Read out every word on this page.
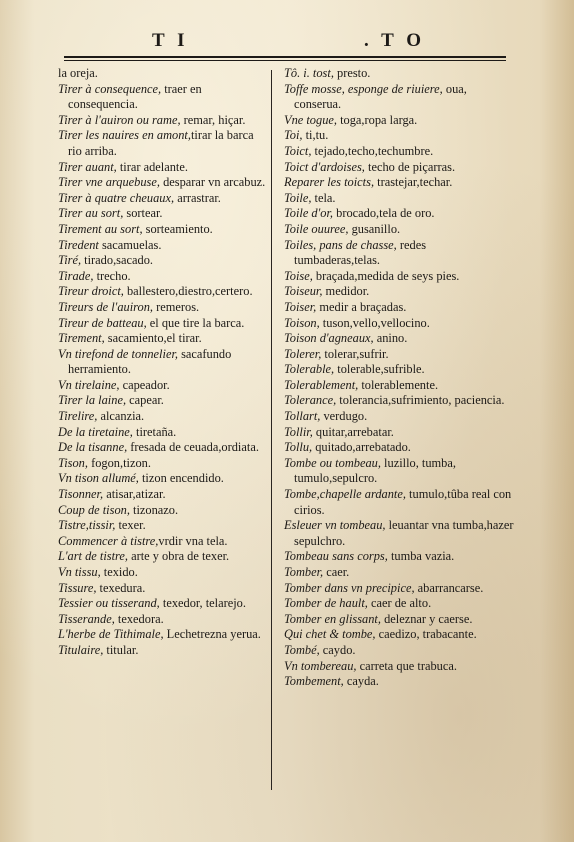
T I	. T O
la oreja.
Tirer à consequence, traer en consequencia.
Tirer à l'auiron ou rame, remar, hiçar.
Tirer les nauires en amont,tirar la barca rio arriba.
Tirer auant, tirar adelante.
Tirer vne arquebuse, desparar vn arcabuz.
Tirer à quatre cheuaux, arrastrar.
Tirer au sort, sortear.
Tirement au sort, sorteamiento.
Tiredent sacamuelas.
Tiré, tirado,sacado.
Tirade, trecho.
Tireur droict, ballestero,diestro,certero.
Tireurs de l'auiron, remeros.
Tireur de batteau, el que tire la barca.
Tirement, sacamiento,el tirar.
Vn tirefond de tonnelier, sacafundo herramiento.
Vn tirelaine, capeador.
Tirer la laine, capear.
Tirelire, alcanzia.
De la tiretaine, tiretaña.
De la tisanne, fresada de ceuada,ordiata.
Tison, fogon,tizon.
Vn tison allumé, tizon encendido.
Tisonner, atisar,atizar.
Coup de tison, tizonazo.
Tistre,tissir, texer.
Commencer à tistre,vrdir vna tela.
L'art de tistre, arte y obra de texer.
Vn tissu, texido.
Tissure, texedura.
Tessier ou tisserand, texedor, telarejo.
Tisserande, texedora.
L'herbe de Tithimale, Lechetrezna yerua.
Titulaire, titular.
Tô. i. tost, presto.
Toffe mosse, esponge de riuiere, oua, conserua.
Vne togue, toga,ropa larga.
Toi, ti,tu.
Toict, tejado,techo,techumbre.
Toict d'ardoises, techo de piçarras.
Reparer les toicts, trastejar,techar.
Toile, tela.
Toile d'or, brocado,tela de oro.
Toile ouuree, gusanillo.
Toiles, pans de chasse, redes tumbaderas,telas.
Toise, braçada,medida de seys pies.
Toiseur, medidor.
Toiser, medir a braçadas.
Toison, tuson,vello,vellocino.
Toison d'agneaux, anino.
Tolerer, tolerar,sufrir.
Tolerable, tolerable,sufrible.
Tolerablement, tolerablemente.
Tolerance, tolerancia,sufrimiento, paciencia.
Tollart, verdugo.
Tollir, quitar,arrebatar.
Tollu, quitado,arrebatado.
Tombe ou tombeau, luzillo, tumba, tumulo,sepulcro.
Tombe,chapelle ardante, tumulo,tûba real con cirios.
Esleuer vn tombeau, leuantar vna tumba,hazer sepulchro.
Tombeau sans corps, tumba vazia.
Tomber, caer.
Tomber dans vn precipice, abarrancarse.
Tomber de hault, caer de alto.
Tomber en glissant, deleznar y caerse.
Qui chet & tombe, caedizo, trabacante.
Tombé, caydo.
Vn tombereau, carreta que trabuca.
Tombement, cayda.
